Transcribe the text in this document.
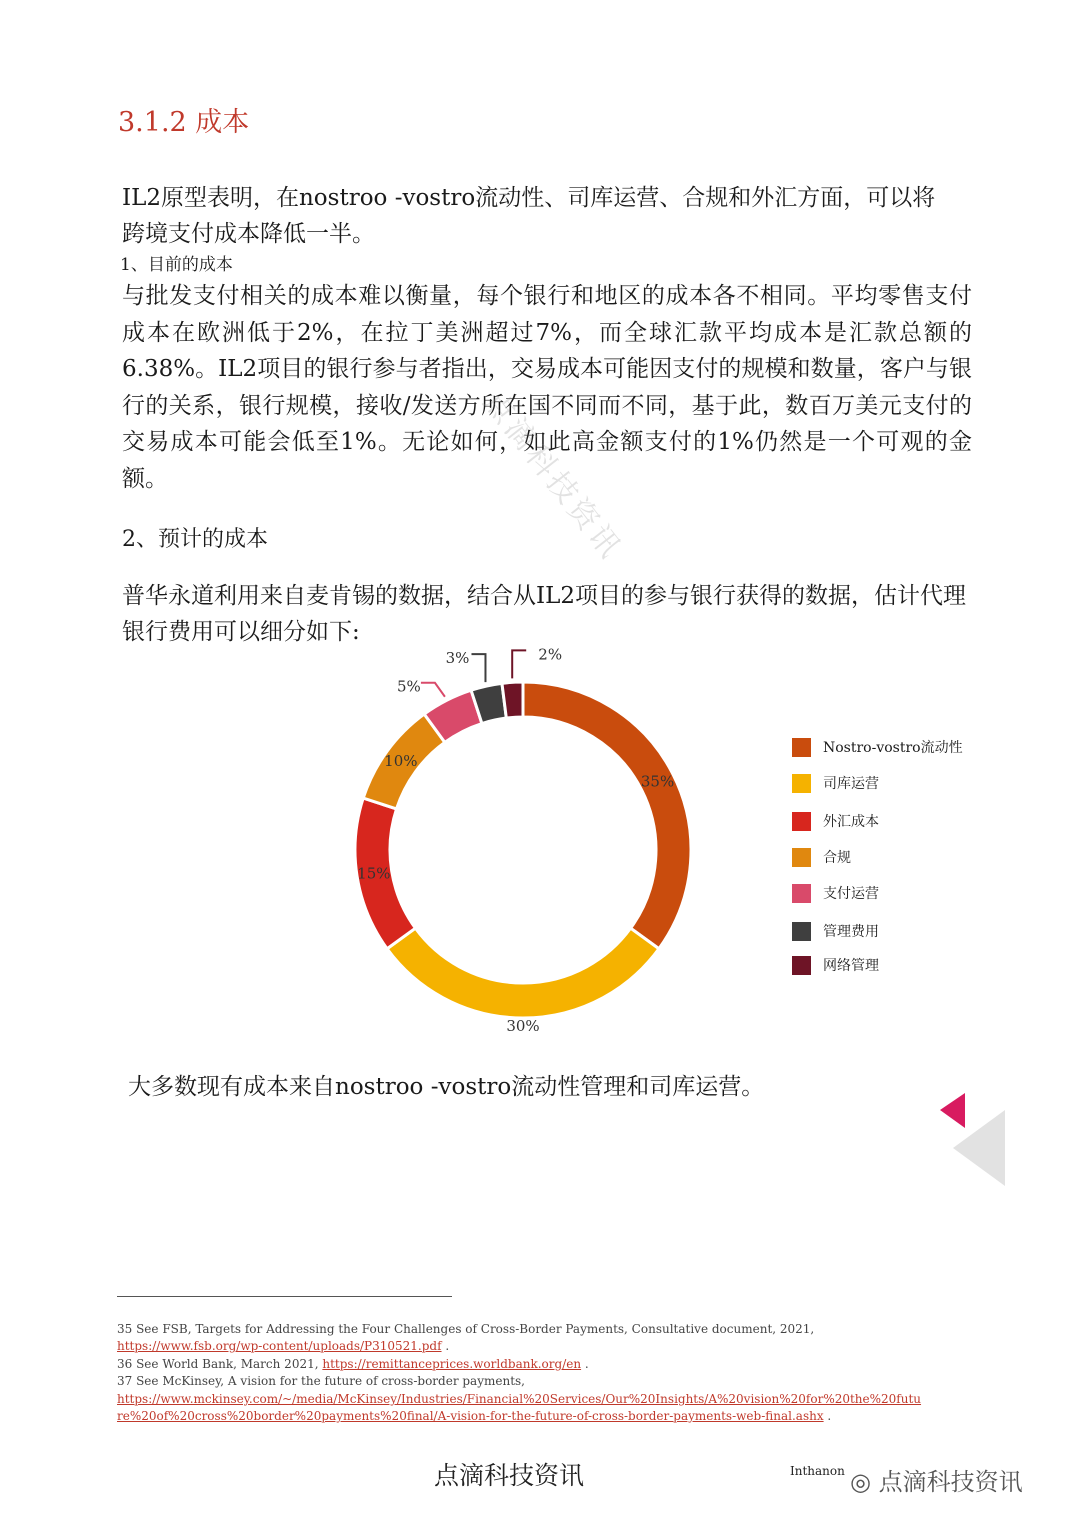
3.1.2 成本
IL2原型表明，在nostroo -vostro流动性、司库运营、合规和外汇方面，可以将跨境支付成本降低一半。
1、目前的成本
与批发支付相关的成本难以衡量，每个银行和地区的成本各不相同。平均零售支付成本在欧洲低于2%，在拉丁美洲超过7%，而全球汇款平均成本是汇款总额的6.38%。IL2项目的银行参与者指出，交易成本可能因支付的规模和数量，客户与银行的关系，银行规模，接收/发送方所在国不同而不同，基于此，数百万美元支付的交易成本可能会低至1%。无论如何，如此高金额支付的1%仍然是一个可观的金额。	点滴科技资讯
2、预计的成本
普华永道利用来自麦肯锡的数据，结合从IL2项目的参与银行获得的数据，估计代理银行费用可以细分如下:
35%
30%
15%
10%
5%
3%	2%
Nostro-vostro流动性
司库运营
外汇成本
合规
支付运营
管理费用
网络管理
大多数现有成本来自nostroo -vostro流动性管理和司库运营。
35 See FSB, Targets for Addressing the Four Challenges of Cross-Border Payments, Consultative document, 2021,
https://www.fsb.org/wp-content/uploads/P310521.pdf .
36 See World Bank, March 2021, https://remittanceprices.worldbank.org/en .
37 See McKinsey, A vision for the future of cross-border payments,
https://www.mckinsey.com/~/media/McKinsey/Industries/Financial%20Services/Our%20Insights/A%20vision%20for%20the%20futu
re%20of%20cross%20border%20payments%20final/A-vision-for-the-future-of-cross-border-payments-web-final.ashx .
点滴科技资讯	Inthanon ◎ 点滴科技资讯
